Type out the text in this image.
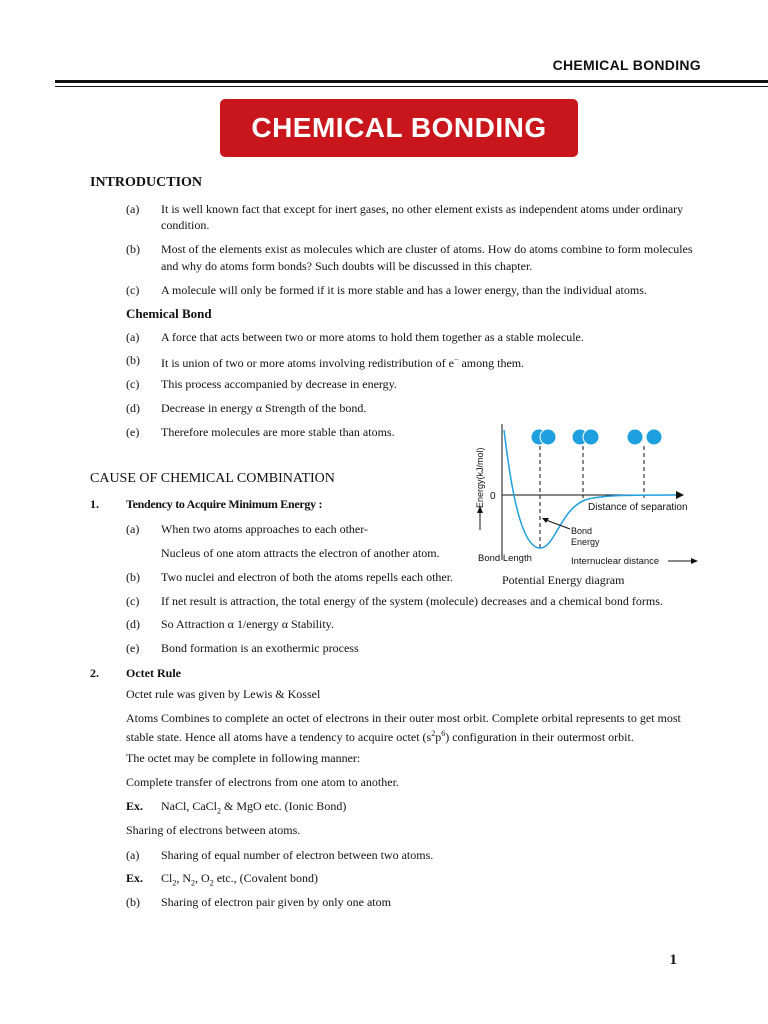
CHEMICAL BONDING
CHEMICAL BONDING
INTRODUCTION
(a) It is well known fact that except for inert gases, no other element exists as independent atoms under ordinary
condition.
(b) Most of the elements exist as molecules which are cluster of atoms. How do atoms combine to form molecules
and why do atoms form bonds? Such doubts will be discussed in this chapter.
(c) A molecule will only be formed if it is more stable and has a lower energy, than the individual atoms.
Chemical Bond
(a) A force that acts between two or more atoms to hold them together as a stable molecule.
(b) It is union of two or more atoms involving redistribution of e− among them.
(c) This process accompanied by decrease in energy.
(d) Decrease in energy α Strength of the bond.
(e) Therefore molecules are more stable than atoms.
CAUSE OF CHEMICAL COMBINATION
1. Tendency to Acquire Minimum Energy :
(a) When two atoms approaches to each other-
Nucleus of one atom attracts the electron of another atom.
(b) Two nuclei and electron of both the atoms repells each other.
(c) If net result is attraction, the total energy of the system (molecule) decreases and a chemical bond forms.
(d) So Attraction α 1/energy α Stability.
(e) Bond formation is an exothermic process
2. Octet Rule
Octet rule was given by Lewis & Kossel
Atoms Combines to complete an octet of electrons in their outer most orbit. Complete orbital represents to get most
stable state. Hence all atoms have a tendency to acquire octet $(s^2p^6)$ configuration in their outermost orbit.
The octet may be complete in following manner:
Complete transfer of electrons from one atom to another.
Ex. NaCl, CaCl$_2$ & MgO etc. (Ionic Bond)
Sharing of electrons between atoms.
(a) Sharing of equal number of electron between two atoms.
Ex. $Cl_2$, $N_2$, $O_2$ etc., (Covalent bond)
(b) Sharing of electron pair given by only one atom
Energy(kJ/mol) 0
Distance of separation
Bond
Energy
Bond Length	Internuclear distance
Potential Energy diagram
1
